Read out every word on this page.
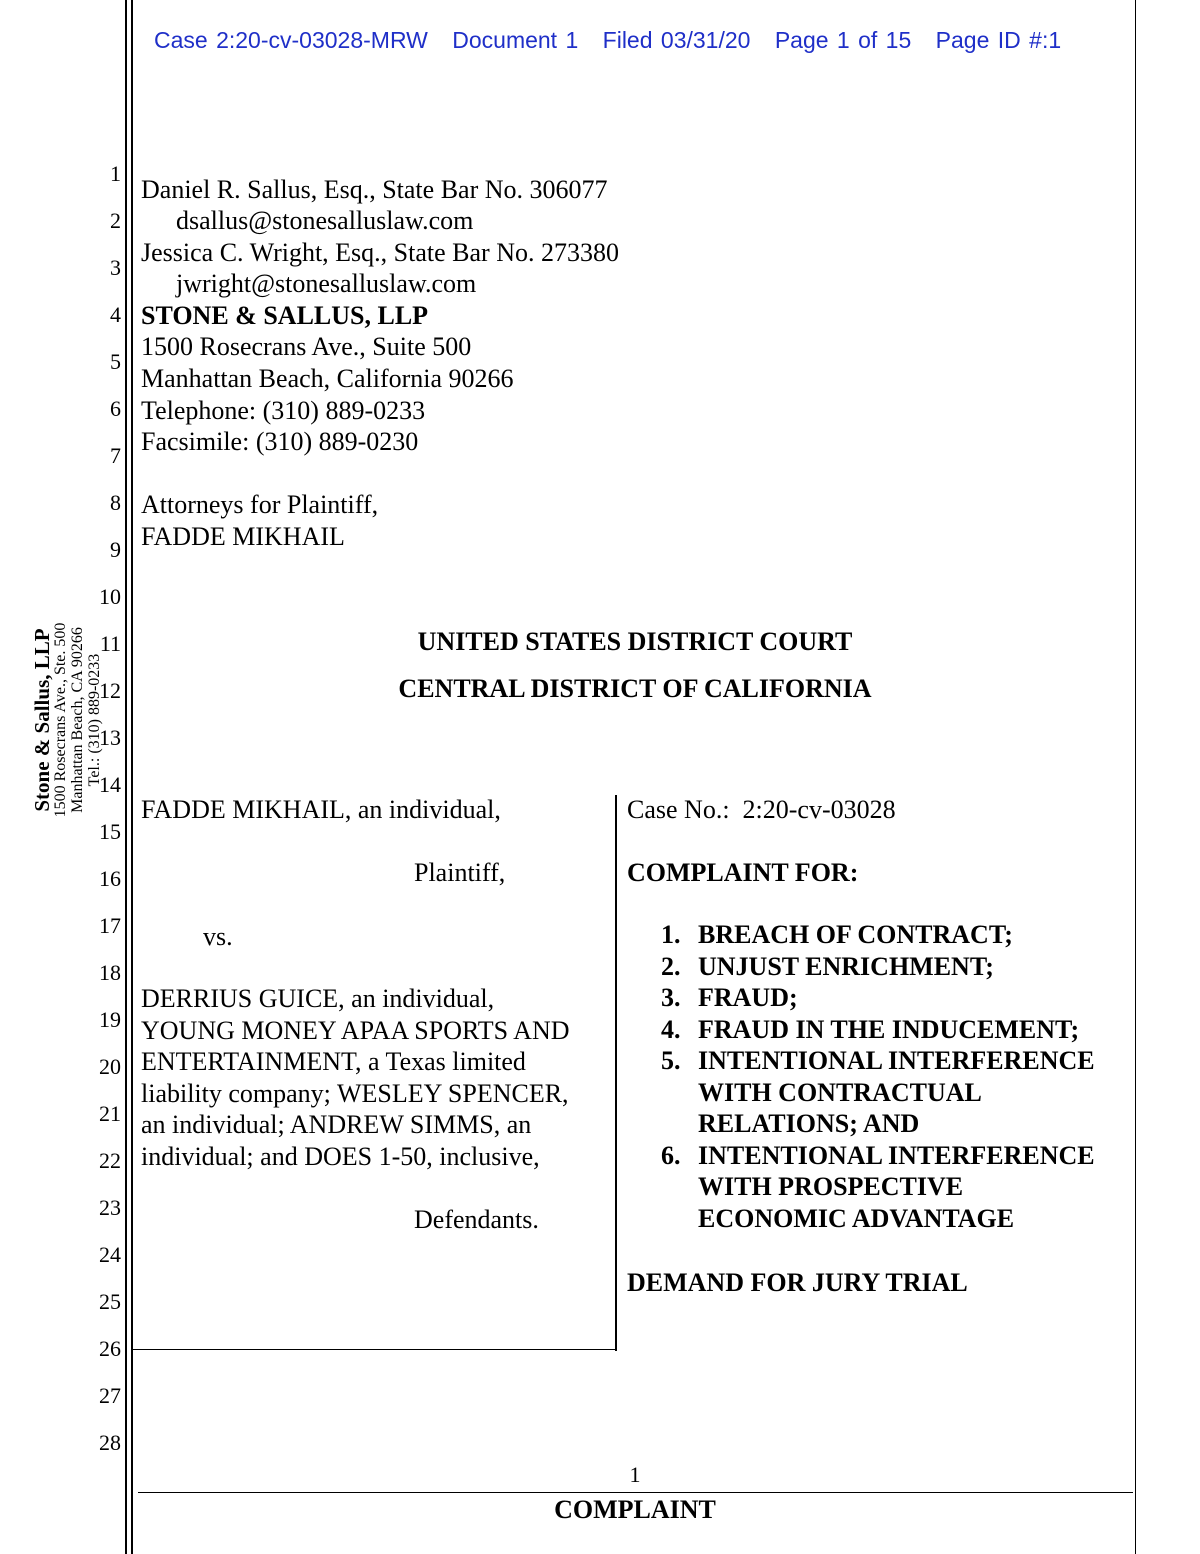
Case 2:20-cv-03028-MRW Document 1 Filed 03/31/20 Page 1 of 15 Page ID #:1
1
2
3
4
5
6
7
8
9
10
11
12
13
14
15
16
17
18
19
20
21
22
23
24
25
26
27
28
Stone & Sallus, LLP
1500 Rosecrans Ave., Ste. 500 Manhattan Beach, CA 90266 Tel.: (310) 889-0233
Daniel R. Sallus, Esq., State Bar No. 306077
dsallus@stonesalluslaw.com
Jessica C. Wright, Esq., State Bar No. 273380
jwright@stonesalluslaw.com
STONE & SALLUS, LLP
1500 Rosecrans Ave., Suite 500
Manhattan Beach, California 90266
Telephone: (310) 889-0233
Facsimile: (310) 889-0230
Attorneys for Plaintiff,
FADDE MIKHAIL
UNITED STATES DISTRICT COURT
CENTRAL DISTRICT OF CALIFORNIA
FADDE MIKHAIL, an individual,
Plaintiff,
vs.
DERRIUS GUICE, an individual,
YOUNG MONEY APAA SPORTS AND
ENTERTAINMENT, a Texas limited
liability company; WESLEY SPENCER,
an individual; ANDREW SIMMS, an
individual; and DOES 1-50, inclusive,
Defendants.
Case No.: 2:20-cv-03028
COMPLAINT FOR:
1. BREACH OF CONTRACT;
2. UNJUST ENRICHMENT;
3. FRAUD;
4. FRAUD IN THE INDUCEMENT;
5. INTENTIONAL INTERFERENCE
WITH CONTRACTUAL
RELATIONS; AND
6. INTENTIONAL INTERFERENCE
WITH PROSPECTIVE
ECONOMIC ADVANTAGE
DEMAND FOR JURY TRIAL
1
COMPLAINT
